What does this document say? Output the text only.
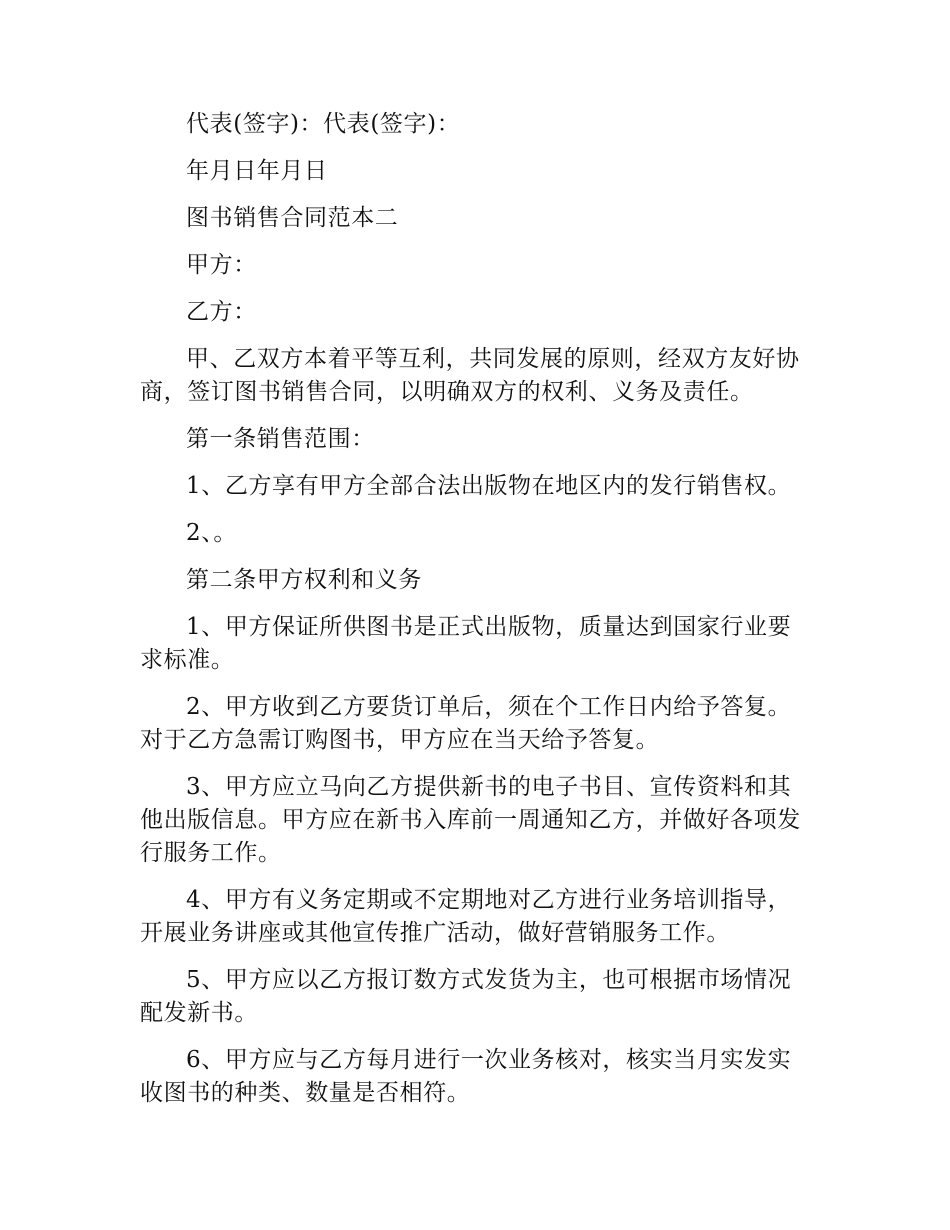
代表(签字)：代表(签字)：

年月日年月日

图书销售合同范本二

甲方：

乙方：

甲、乙双方本着平等互利，共同发展的原则，经双方友好协商，签订图书销售合同，以明确双方的权利、义务及责任。

第一条销售范围：

1、乙方享有甲方全部合法出版物在地区内的发行销售权。

2、。

第二条甲方权利和义务

1、甲方保证所供图书是正式出版物，质量达到国家行业要求标准。

2、甲方收到乙方要货订单后，须在个工作日内给予答复。对于乙方急需订购图书，甲方应在当天给予答复。

3、甲方应立马向乙方提供新书的电子书目、宣传资料和其他出版信息。甲方应在新书入库前一周通知乙方，并做好各项发行服务工作。

4、甲方有义务定期或不定期地对乙方进行业务培训指导，开展业务讲座或其他宣传推广活动，做好营销服务工作。

5、甲方应以乙方报订数方式发货为主，也可根据市场情况配发新书。

6、甲方应与乙方每月进行一次业务核对，核实当月实发实收图书的种类、数量是否相符。
